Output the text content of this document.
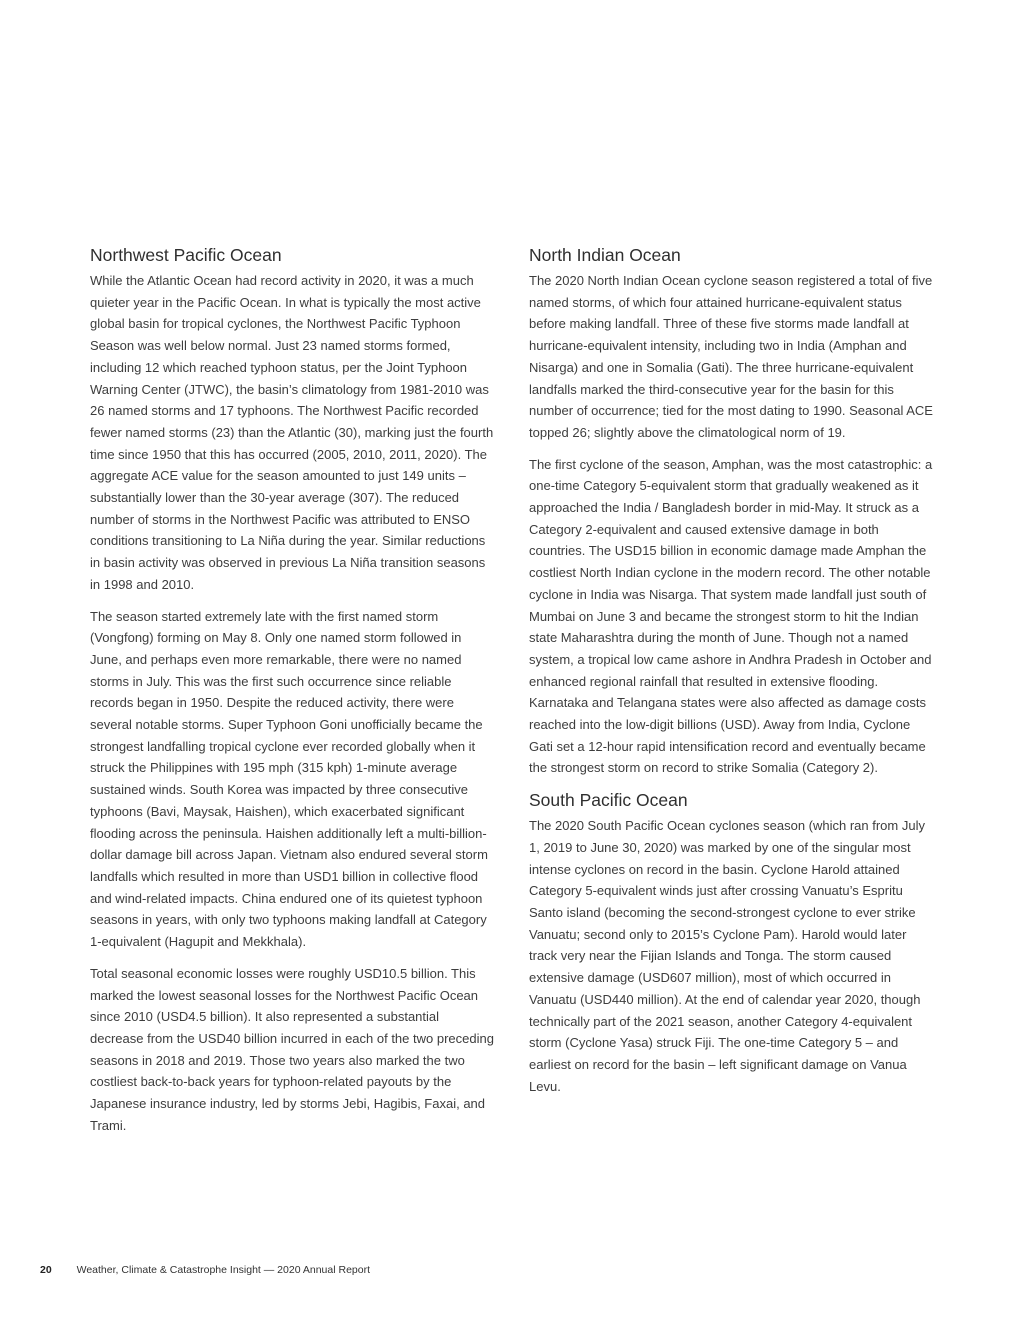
Northwest Pacific Ocean

While the Atlantic Ocean had record activity in 2020, it was a much quieter year in the Pacific Ocean. In what is typically the most active global basin for tropical cyclones, the Northwest Pacific Typhoon Season was well below normal. Just 23 named storms formed, including 12 which reached typhoon status, per the Joint Typhoon Warning Center (JTWC), the basin’s climatology from 1981-2010 was 26 named storms and 17 typhoons. The Northwest Pacific recorded fewer named storms (23) than the Atlantic (30), marking just the fourth time since 1950 that this has occurred (2005, 2010, 2011, 2020). The aggregate ACE value for the season amounted to just 149 units – substantially lower than the 30-year average (307). The reduced number of storms in the Northwest Pacific was attributed to ENSO conditions transitioning to La Niña during the year. Similar reductions in basin activity was observed in previous La Niña transition seasons in 1998 and 2010.

The season started extremely late with the first named storm (Vongfong) forming on May 8. Only one named storm followed in June, and perhaps even more remarkable, there were no named storms in July. This was the first such occurrence since reliable records began in 1950. Despite the reduced activity, there were several notable storms. Super Typhoon Goni unofficially became the strongest landfalling tropical cyclone ever recorded globally when it struck the Philippines with 195 mph (315 kph) 1-minute average sustained winds. South Korea was impacted by three consecutive typhoons (Bavi, Maysak, Haishen), which exacerbated significant flooding across the peninsula. Haishen additionally left a multi-billion-dollar damage bill across Japan. Vietnam also endured several storm landfalls which resulted in more than USD1 billion in collective flood and wind-related impacts. China endured one of its quietest typhoon seasons in years, with only two typhoons making landfall at Category 1-equivalent (Hagupit and Mekkhala).

Total seasonal economic losses were roughly USD10.5 billion. This marked the lowest seasonal losses for the Northwest Pacific Ocean since 2010 (USD4.5 billion). It also represented a substantial decrease from the USD40 billion incurred in each of the two preceding seasons in 2018 and 2019. Those two years also marked the two costliest back-to-back years for typhoon-related payouts by the Japanese insurance industry, led by storms Jebi, Hagibis, Faxai, and Trami.

North Indian Ocean

The 2020 North Indian Ocean cyclone season registered a total of five named storms, of which four attained hurricane-equivalent status before making landfall. Three of these five storms made landfall at hurricane-equivalent intensity, including two in India (Amphan and Nisarga) and one in Somalia (Gati). The three hurricane-equivalent landfalls marked the third-consecutive year for the basin for this number of occurrence; tied for the most dating to 1990. Seasonal ACE topped 26; slightly above the climatological norm of 19.

The first cyclone of the season, Amphan, was the most catastrophic: a one-time Category 5-equivalent storm that gradually weakened as it approached the India / Bangladesh border in mid-May. It struck as a Category 2-equivalent and caused extensive damage in both countries. The USD15 billion in economic damage made Amphan the costliest North Indian cyclone in the modern record. The other notable cyclone in India was Nisarga. That system made landfall just south of Mumbai on June 3 and became the strongest storm to hit the Indian state Maharashtra during the month of June. Though not a named system, a tropical low came ashore in Andhra Pradesh in October and enhanced regional rainfall that resulted in extensive flooding. Karnataka and Telangana states were also affected as damage costs reached into the low-digit billions (USD). Away from India, Cyclone Gati set a 12-hour rapid intensification record and eventually became the strongest storm on record to strike Somalia (Category 2).

South Pacific Ocean

The 2020 South Pacific Ocean cyclones season (which ran from July 1, 2019 to June 30, 2020) was marked by one of the singular most intense cyclones on record in the basin. Cyclone Harold attained Category 5-equivalent winds just after crossing Vanuatu’s Espritu Santo island (becoming the second-strongest cyclone to ever strike Vanuatu; second only to 2015’s Cyclone Pam). Harold would later track very near the Fijian Islands and Tonga. The storm caused extensive damage (USD607 million), most of which occurred in Vanuatu (USD440 million). At the end of calendar year 2020, though technically part of the 2021 season, another Category 4-equivalent storm (Cyclone Yasa) struck Fiji. The one-time Category 5 – and earliest on record for the basin – left significant damage on Vanua Levu.

20 Weather, Climate & Catastrophe Insight — 2020 Annual Report
